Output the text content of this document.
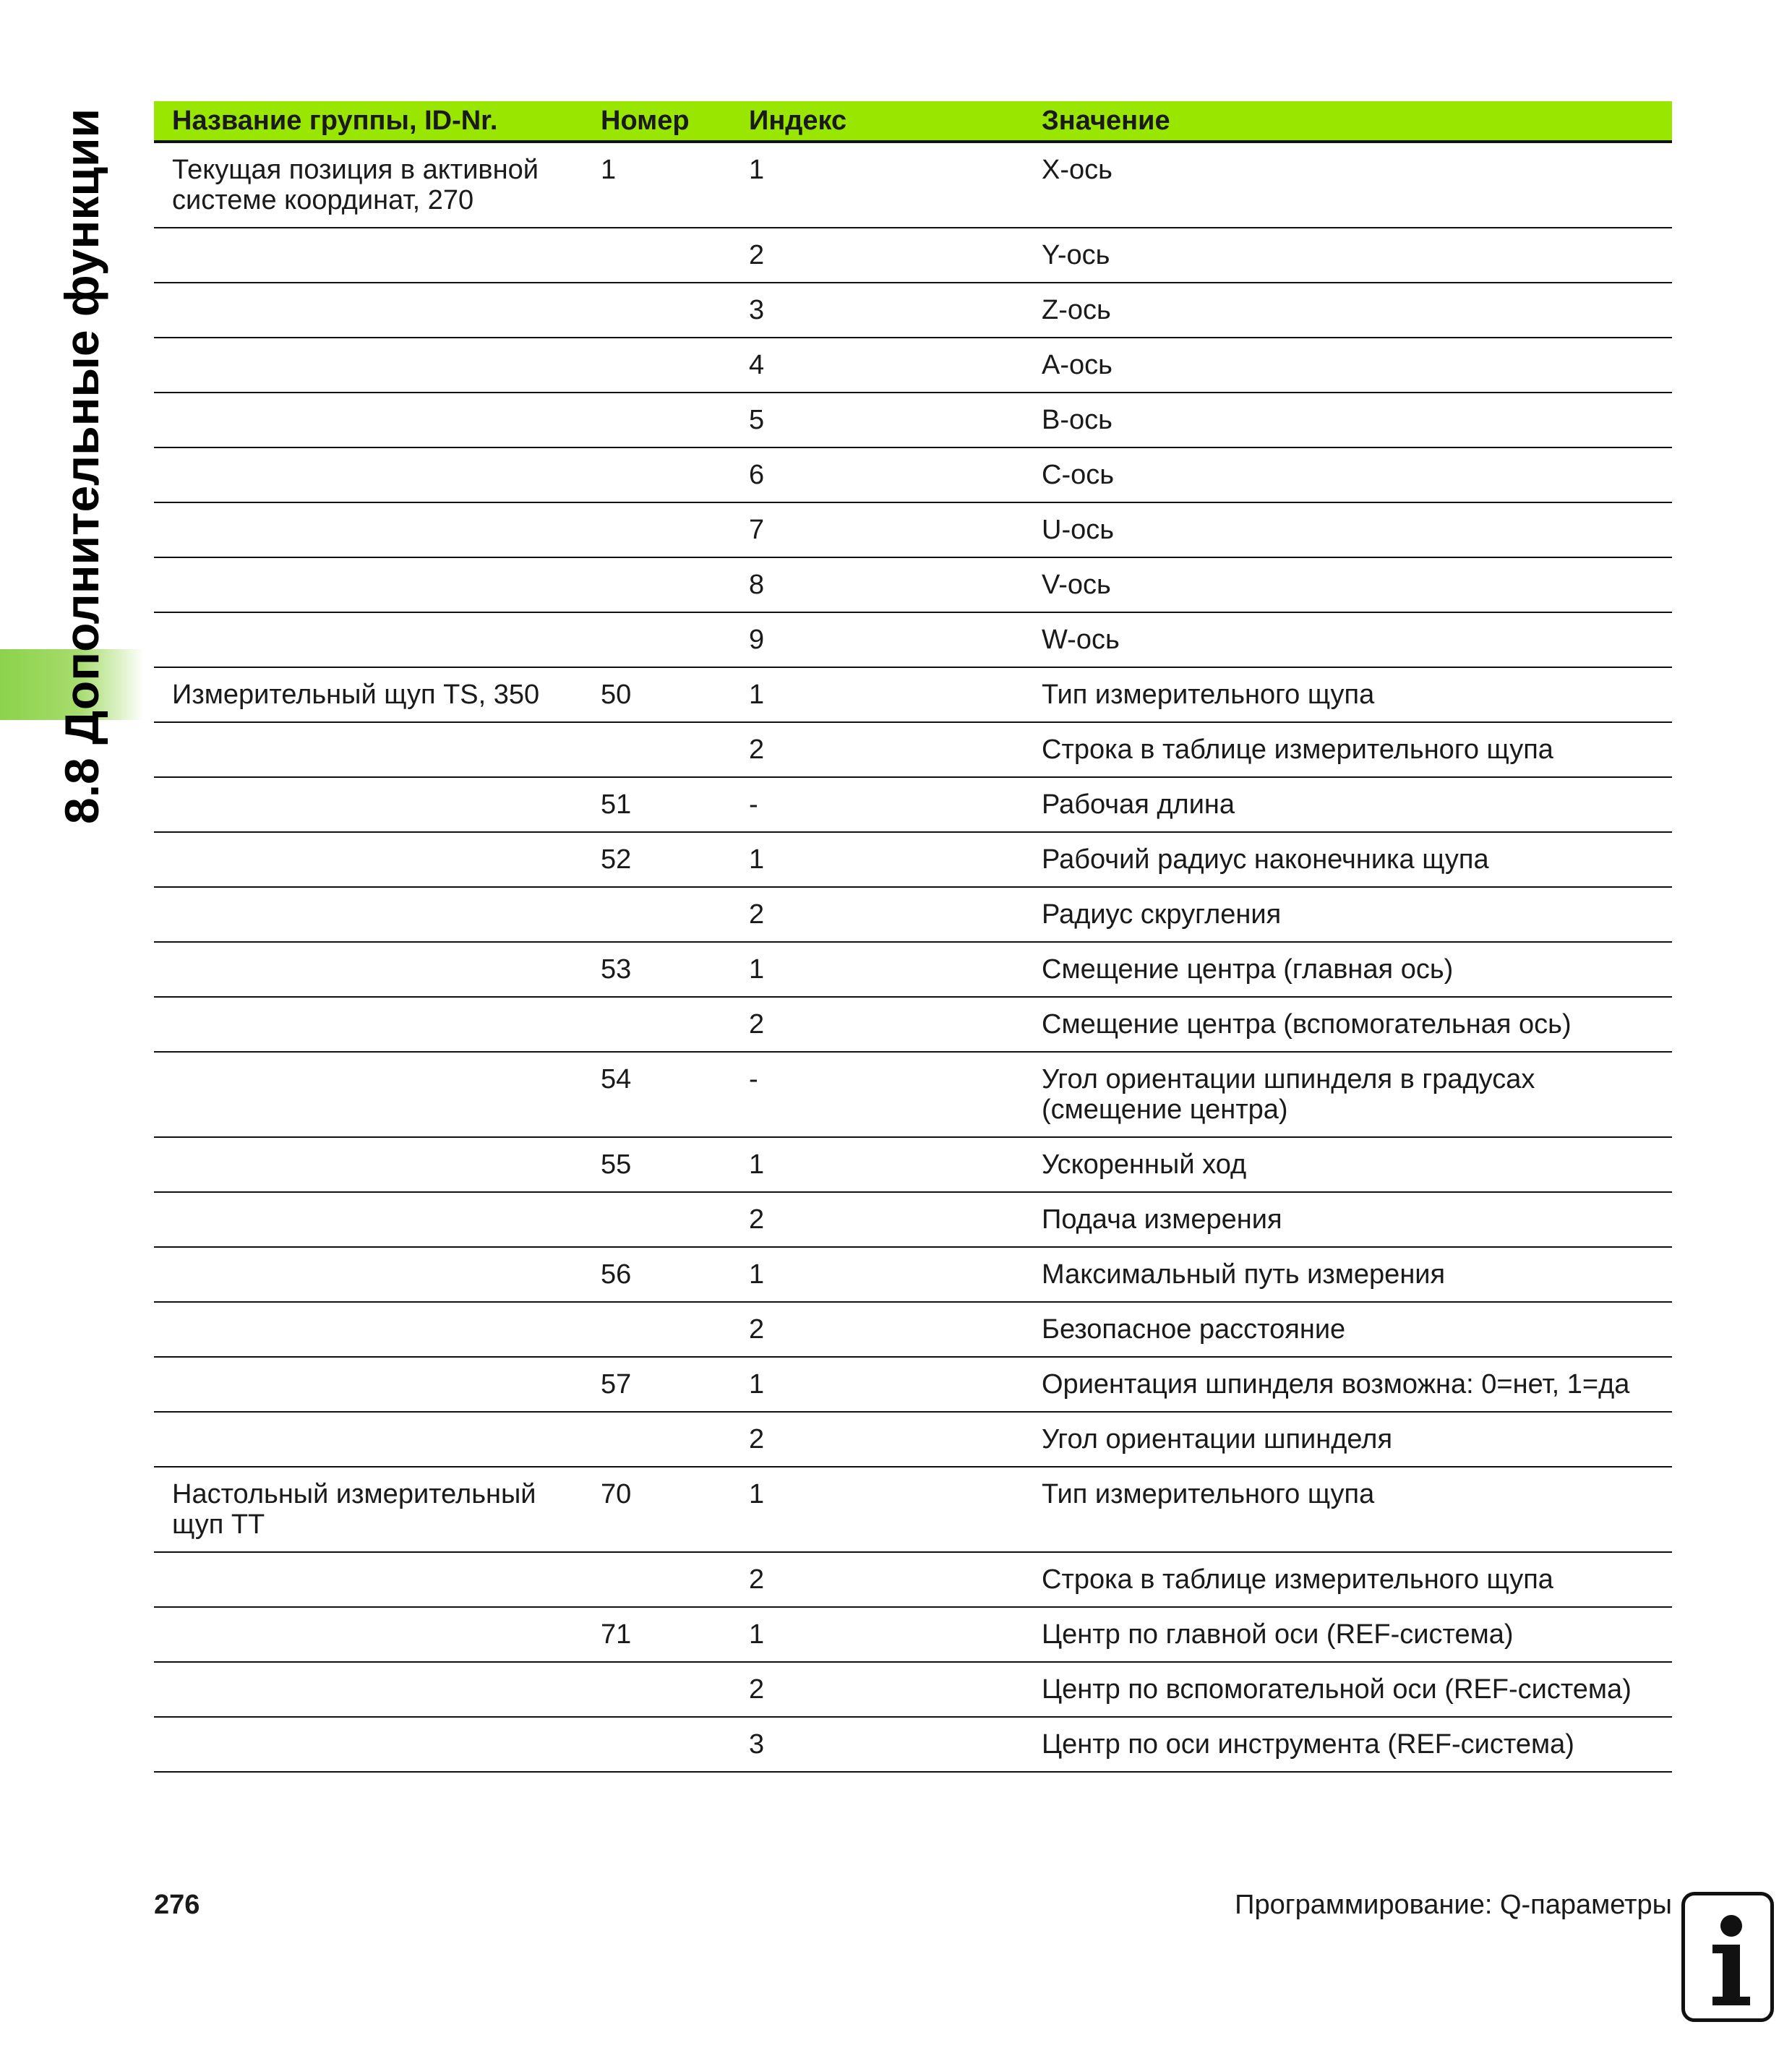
8.8 Дополнительные функции Название группы, ID-Nr.	Номер	Индекс	Значение
Текущая позиция в активной системе координат, 270	1	1	X-ось
		2	Y-ось
		3	Z-ось
		4	A-ось
		5	B-ось
		6	C-ось
		7	U-ось
		8	V-ось
		9	W-ось
Измерительный щуп TS, 350	50	1	Тип измерительного щупа
		2	Строка в таблице измерительного щупа
	51	-	Рабочая длина
	52	1	Рабочий радиус наконечника щупа
		2	Радиус скругления
	53	1	Смещение центра (главная ось)
		2	Смещение центра (вспомогательная ось)
	54	-	Угол ориентации шпинделя в градусах (смещение центра)
	55	1	Ускоренный ход
		2	Подача измерения
	56	1	Максимальный путь измерения
		2	Безопасное расстояние
	57	1	Ориентация шпинделя возможна: 0=нет, 1=да
		2	Угол ориентации шпинделя
Настольный измерительный щуп TT	70	1	Тип измерительного щупа
		2	Строка в таблице измерительного щупа
	71	1	Центр по главной оси (REF-система)
		2	Центр по вспомогательной оси (REF-система)
		3	Центр по оси инструмента (REF-система)
276	Программирование: Q-параметры
